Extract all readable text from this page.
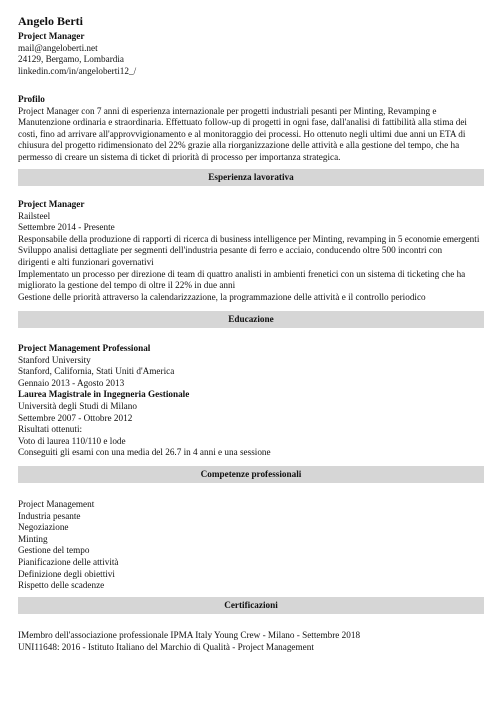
Angelo Berti
Project Manager
mail@angeloberti.net
24129, Bergamo, Lombardia
linkedin.com/in/angeloberti12_/
Profilo
Project Manager con 7 anni di esperienza internazionale per progetti industriali pesanti per Minting, Revamping e
Manutenzione ordinaria e straordinaria. Effettuato follow-up di progetti in ogni fase, dall'analisi di fattibilità alla stima dei
costi, fino ad arrivare all'approvvigionamento e al monitoraggio dei processi. Ho ottenuto negli ultimi due anni un ETA di
chiusura del progetto ridimensionato del 22% grazie alla riorganizzazione delle attività e alla gestione del tempo, che ha
permesso di creare un sistema di ticket di priorità di processo per importanza strategica.
Esperienza lavorativa
Project Manager
Railsteel
Settembre 2014 - Presente
Responsabile della produzione di rapporti di ricerca di business intelligence per Minting, revamping in 5 economie emergenti
Sviluppo analisi dettagliate per segmenti dell'industria pesante di ferro e acciaio, conducendo oltre 500 incontri con
dirigenti e alti funzionari governativi
Implementato un processo per direzione di team di quattro analisti in ambienti frenetici con un sistema di ticketing che ha
migliorato la gestione del tempo di oltre il 22% in due anni
Gestione delle priorità attraverso la calendarizzazione, la programmazione delle attività e il controllo periodico
Educazione
Project Management Professional
Stanford University
Stanford, California, Stati Uniti d'America
Gennaio 2013 - Agosto 2013
Laurea Magistrale in Ingegneria Gestionale
Università degli Studi di Milano
Settembre 2007 - Ottobre 2012
Risultati ottenuti:
Voto di laurea 110/110 e lode
Conseguiti gli esami con una media del 26.7 in 4 anni e una sessione
Competenze professionali
Project Management
Industria pesante
Negoziazione
Minting
Gestione del tempo
Pianificazione delle attività
Definizione degli obiettivi
Rispetto delle scadenze
Certificazioni
IMembro dell'associazione professionale IPMA Italy Young Crew - Milano - Settembre 2018
UNI11648: 2016 - Istituto Italiano del Marchio di Qualità - Project Management
